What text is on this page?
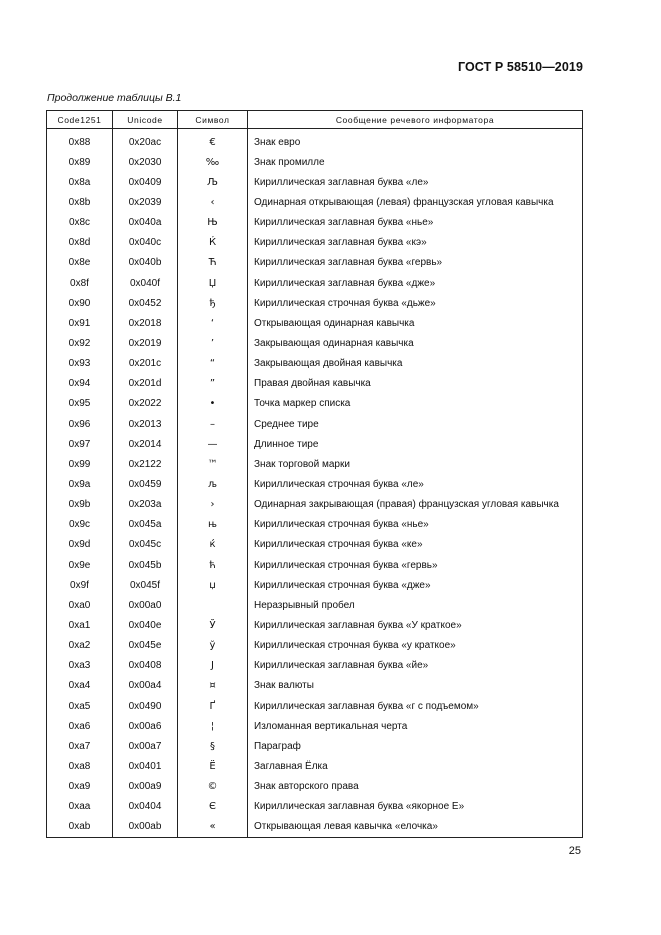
ГОСТ Р 58510—2019
Продолжение таблицы В.1
Code1251	Unicode	Символ	Сообщение речевого информатора

0x88	0x20ac	€	Знак евро
0x89	0x2030	‰	Знак промилле
0x8a	0x0409	Љ	Кириллическая заглавная буква «ле»
0x8b	0x2039	‹	Одинарная открывающая (левая) французская угловая кавычка
0x8c	0x040a	Њ	Кириллическая заглавная буква «нье»
0x8d	0x040c	Ќ	Кириллическая заглавная буква «кэ»
0x8e	0x040b	Ћ	Кириллическая заглавная буква «гервь»
0x8f	0x040f	Џ	Кириллическая заглавная буква «дже»
0x90	0x0452	ђ	Кириллическая строчная буква «дьже»
0x91	0x2018	‘	Открывающая одинарная кавычка
0x92	0x2019	’	Закрывающая одинарная кавычка
0x93	0x201c	“	Закрывающая двойная кавычка
0x94	0x201d	”	Правая двойная кавычка
0x95	0x2022	•	Точка маркер списка
0x96	0x2013	–	Среднее тире
0x97	0x2014	—	Длинное тире
0x99	0x2122	™	Знак торговой марки
0x9a	0x0459	љ	Кириллическая строчная буква «ле»
0x9b	0x203a	›	Одинарная закрывающая (правая) французская угловая кавычка
0x9c	0x045a	њ	Кириллическая строчная буква «нье»
0x9d	0x045c	ќ	Кириллическая строчная буква «ке»
0x9e	0x045b	ћ	Кириллическая строчная буква «гервь»
0x9f	0x045f	џ	Кириллическая строчная буква «дже»
0xa0	0x00a0		Неразрывный пробел
0xa1	0x040e	Ў	Кириллическая заглавная буква «У краткое»
0xa2	0x045e	ў	Кириллическая строчная буква «у краткое»
0xa3	0x0408	Ј	Кириллическая заглавная буква «йе»
0xa4	0x00a4	¤	Знак валюты
0xa5	0x0490	Ґ	Кириллическая заглавная буква «г с подъемом»
0xa6	0x00a6	¦	Изломанная вертикальная черта
0xa7	0x00a7	§	Параграф
0xa8	0x0401	Ё	Заглавная Ёлка
0xa9	0x00a9	©	Знак авторского права
0xaa	0x0404	Є	Кириллическая заглавная буква «якорное Е»
0xab	0x00ab	«	Открывающая левая кавычка «елочка»
25
